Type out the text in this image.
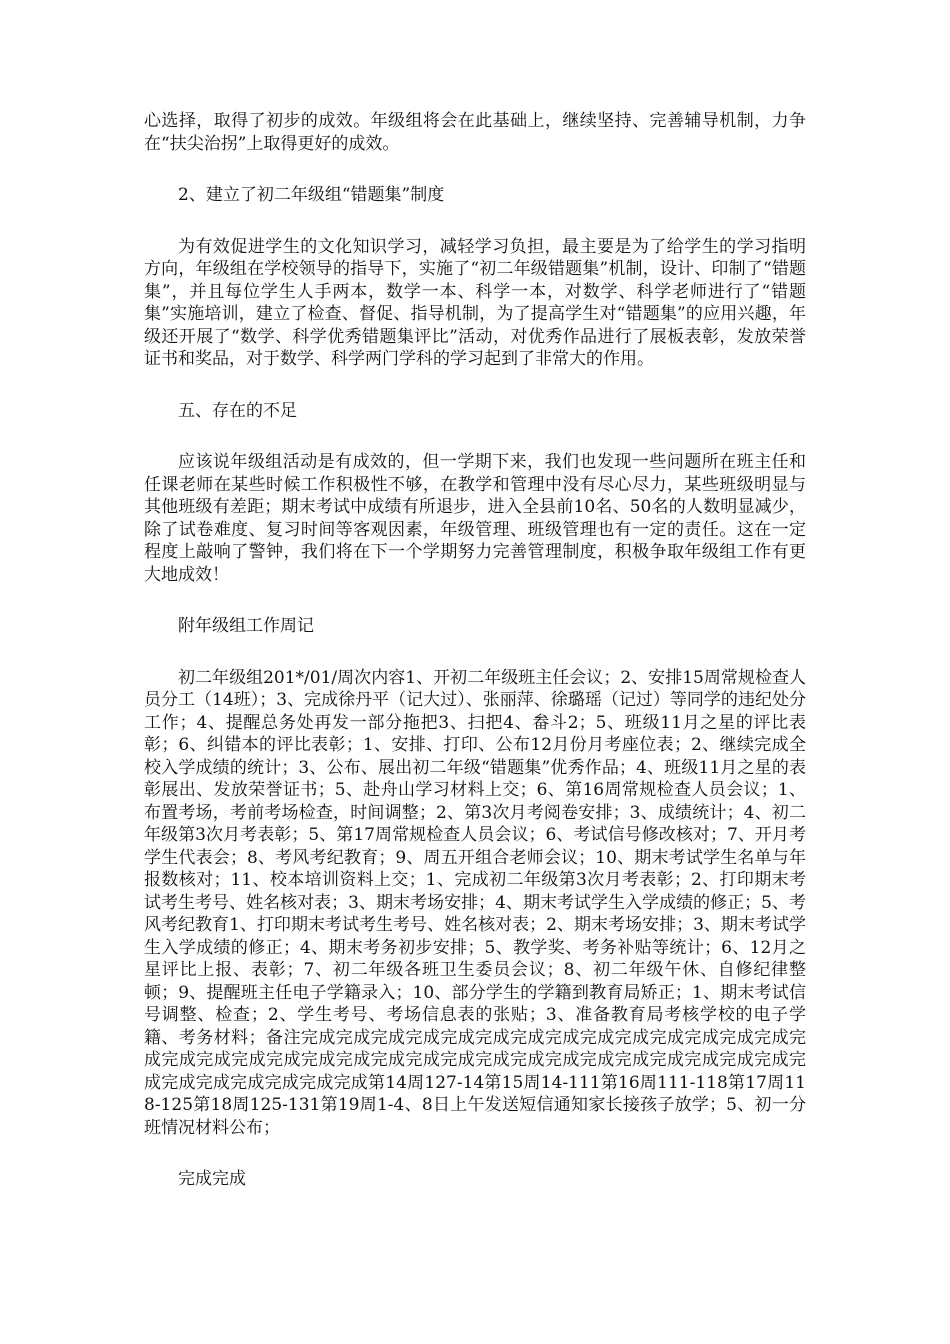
心选择，取得了初步的成效。年级组将会在此基础上，继续坚持、完善辅导机制，力争在“扶尖治拐”上取得更好的成效。

2、建立了初二年级组“错题集”制度

为有效促进学生的文化知识学习，减轻学习负担，最主要是为了给学生的学习指明方向，年级组在学校领导的指导下，实施了“初二年级错题集”机制，设计、印制了“错题集”，并且每位学生人手两本，数学一本、科学一本，对数学、科学老师进行了“错题集”实施培训，建立了检查、督促、指导机制，为了提高学生对“错题集”的应用兴趣，年级还开展了“数学、科学优秀错题集评比”活动，对优秀作品进行了展板表彰，发放荣誉证书和奖品，对于数学、科学两门学科的学习起到了非常大的作用。

五、存在的不足

应该说年级组活动是有成效的，但一学期下来，我们也发现一些问题所在班主任和任课老师在某些时候工作积极性不够，在教学和管理中没有尽心尽力，某些班级明显与其他班级有差距；期末考试中成绩有所退步，进入全县前10名、50名的人数明显减少，除了试卷难度、复习时间等客观因素，年级管理、班级管理也有一定的责任。这在一定程度上敲响了警钟，我们将在下一个学期努力完善管理制度，积极争取年级组工作有更大地成效！

附年级组工作周记

初二年级组201*/01/周次内容1、开初二年级班主任会议；2、安排15周常规检查人员分工（14班）；3、完成徐丹平（记大过）、张丽萍、徐璐瑶（记过）等同学的违纪处分工作；4、提醒总务处再发一部分拖把3、扫把4、畚斗2；5、班级11月之星的评比表彰；6、纠错本的评比表彰；1、安排、打印、公布12月份月考座位表；2、继续完成全校入学成绩的统计；3、公布、展出初二年级“错题集”优秀作品；4、班级11月之星的表彰展出、发放荣誉证书；5、赴舟山学习材料上交；6、第16周常规检查人员会议；1、布置考场，考前考场检查，时间调整；2、第3次月考阅卷安排；3、成绩统计；4、初二年级第3次月考表彰；5、第17周常规检查人员会议；6、考试信号修改核对；7、开月考学生代表会；8、考风考纪教育；9、周五开组合老师会议；10、期末考试学生名单与年报数核对；11、校本培训资料上交；1、完成初二年级第3次月考表彰；2、打印期末考试考生考号、姓名核对表；3、期末考场安排；4、期末考试学生入学成绩的修正；5、考风考纪教育1、打印期末考试考生考号、姓名核对表；2、期末考场安排；3、期末考试学生入学成绩的修正；4、期末考务初步安排；5、教学奖、考务补贴等统计；6、12月之星评比上报、表彰；7、初二年级各班卫生委员会议；8、初二年级午休、自修纪律整顿；9、提醒班主任电子学籍录入；10、部分学生的学籍到教育局矫正；1、期末考试信号调整、检查；2、学生考号、考场信息表的张贴；3、准备教育局考核学校的电子学籍、考务材料；备注完成完成完成完成完成完成完成完成完成完成完成完成完成完成完成完成完成完成完成完成完成完成完成完成完成完成完成完成完成完成完成完成完成完成完成完成完成完成完成完成第14周127-14第15周14-111第16周111-118第17周118-125第18周125-131第19周1-4、8日上午发送短信通知家长接孩子放学；5、初一分班情况材料公布；

完成完成
